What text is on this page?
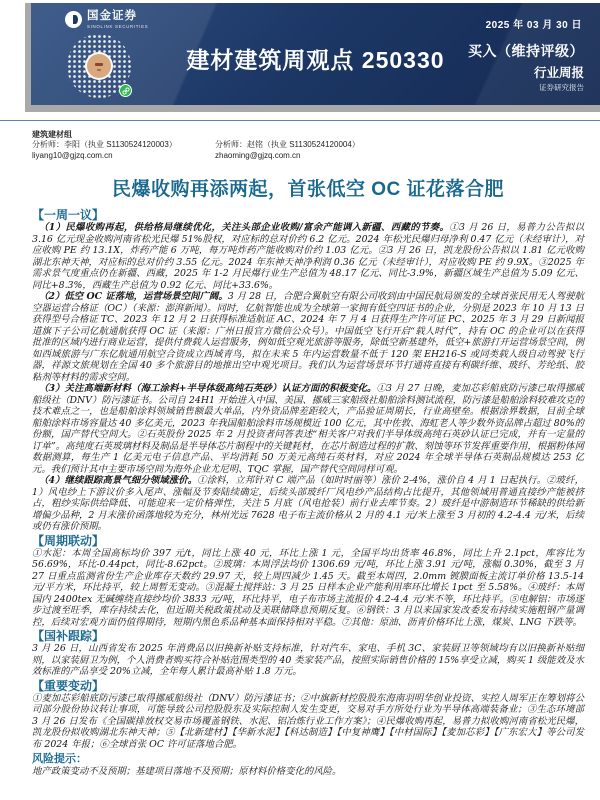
国金证券
SINOLINK SECURITIES	2025 年 03 月 30 日
建材建筑周观点 250330	买入（维持评级）
行业周报
证券研究报告
建筑建材组
分析师：李阳（执业 S1130524120003）
liyang10@gjzq.com.cn
分析师：赵铭（执业 S1130524120004）
zhaoming@gjzq.com.cn
民爆收购再添两起，首张低空 OC 证花落合肥
【一周一议】

（1）民爆收购再起，供给格局继续优化，关注头部企业收购/富余产能调入新疆、西藏的节奏。①3 月 26 日，易普力公告拟以 3.16 亿元现金收购河南省松光民爆 51%股权，对应标的总对价约 6.2 亿元。2024 年松光民爆归母净利 0.47 亿元（未经审计），对应收购 PE 约 13.1X，炸药产能 6 万吨，每万吨炸药产能收购对价约 1.03 亿元。②3 月 26 日，凯龙股份公告拟以 1.81 亿元收购湖北东神天神，对应标的总对价约 3.55 亿元。2024 年东神天神净利润 0.36 亿元（未经审计），对应收购 PE 约 9.9X。③2025 年需求景气度重点仍在新疆、西藏，2025 年 1-2 月民爆行业生产总值为 48.17 亿元、同比-3.9%，新疆区域生产总值为 5.09 亿元、同比+8.3%，西藏生产总值为 0.92 亿元、同比+33.6%。

（2）低空 OC 证落地，运营场景空间广阔。3 月 28 日，合肥合翼航空有限公司收到由中国民航局颁发的全球首张民用无人驾驶航空器运营合格证（OC）（来源：澎湃新闻）。同时，亿航智能也成为全球第一家拥有低空四证书的企业，分别是 2023 年 10 月 13 日获得型号合格证 TC、2023 年 12 月 2 日获得标准适航证 AC、2024 年 7 月 4 日获得生产许可证 PC、2025 年 3 月 29 日新闻报道旗下子公司亿航通航获得 OC 证（来源：广州日报官方微信公众号）。中国低空飞行开启“载人时代”，持有 OC 的企业可以在获得批准的区域内进行商业运营，提供付费载人运营服务，例如低空观光旅游等服务，除低空新基建外，低空+旅游打开运营场景空间，例如西域旅游与广东亿航通用航空合资成立西域青鸟，拟在未来 5 年内运营数量不低于 120 架 EH216-S 或同类载人级自动驾驶飞行器，祥源文旅规划在全国 40 多个旅游目的地推出空中观光项目。我们认为运营场景环节打通将直接有利碳纤维、玻纤、芳纶纸、胶粘剂等材料的需求空间。

（3）关注高端新材料（海工涂料+半导体级高纯石英砂）认证方面的积极变化。①3 月 27 日晚，麦加芯彩船底防污漆已取得挪威船级社（DNV）防污漆证书。公司自 24H1 开始进入中国、美国、挪威三家船级社船舶涂料测试流程，防污漆是船舶涂料较难攻克的技术难点之一，也是船舶涂料领域销售额最大单品，内外资品牌差距较大，产品验证周期长，行业高壁垒。根据涂界数据，目前全球船舶涂料市场容量达 40 多亿美元，2023 年我国船舶涂料市场规模近 100 亿元，其中佐敦、海虹老人等少数外资品牌占超过 80%的份额，国产替代空间大。②石英股份 2025 年 2 月投资者问答表述“相关客户对我们半导体级高纯石英砂认证已完成，并有一定量的订单”。高纯度石英玻璃材料及制品是半导体芯片制程中的关键耗材，在芯片制造过程的扩散、刻蚀等环节发挥重要作用，根据粉体网数据测算，每生产 1 亿美元电子信息产品、平均消耗 50 万美元高纯石英材料，对应 2024 年全球半导体石英制品规模达 253 亿元。我们预计其中主要市场空间为海外企业尤尼明、TQC 掌握，国产替代空间同样可观。

（4）继续跟踪高景气细分领域涨价。①涂料，立邦针对 C 端产品（如时时丽等）涨价 2-4%，涨价自 4 月 1 日起执行。②玻纤，1）风电纱上下游议价多入尾声、涨幅及节奏陆续确定，后续头部玻纤厂风电纱产品结构占比提升，其他领域用普通直接纱产能被挤占，粗纱实际供给降低、可能迎来一定价格弹性，关注 5 月底（风电抢装）前行业去库节奏。2）玻纤是中游制造环节稀缺的供给新增偏少品种，2 月末涨价函落地较为充分，林州光远 7628 电子布主流价格从 2 月的 4.1 元/米上涨至 3 月初的 4.2-4.4 元/米，后续或仍有涨价预期。

【周期联动】

①水泥：本周全国高标均价 397 元/t，同比上涨 40 元，环比上涨 1 元，全国平均出货率 46.8%，同比上升 2.1pct，库容比为 56.69%，环比-0.44pct，同比-8.62pct。②玻璃：本周浮法均价 1306.69 元/吨，环比上涨 3.91 元/吨，涨幅 0.30%，截至 3 月 27 日重点监测省份生产企业库存天数约 29.97 天，较上周四减少 1.45 天。截至本周四，2.0mm 镀膜面板主流订单价格 13.5-14 元/平方米，环比持平，较上周暂无变动。③混凝土搅拌站：3 月 25 日样本企业产能利用率环比增长 1pct 至 5.58%。④玻纤：本周国内 2400tex 无碱缠绕直接纱均价 3833 元/吨，环比持平，电子布市场主流报价 4.2-4.4 元/米不等，环比持平。⑤电解铝：市场逐步过渡至旺季，库存持续去化，但近期关税政策扰动及美联储降息预期反复。⑥钢铁：3 月以来国家发改委发布持续实施粗钢产量调控，后续对宏观方面仍值得期待，短期内黑色系品种基本面保持相对平稳。⑦其他：原油、沥青价格环比上涨，煤炭、LNG 下跌等。

【国补跟踪】

3 月 26 日，山西省发布 2025 年消费品以旧换新补贴支持标准，针对汽车、家电、手机 3C、家装厨卫等领域均有以旧换新补贴细则，以家装厨卫为例，个人消费者购买符合补贴范围类型的 40 类家装产品，按照实际销售价格的 15%享受立减，购买 1 级能效及水效标准的产品享受 20%立减，全年每人累计最高补贴 1.8 万元。

【重要变动】

①麦加芯彩船底防污漆已取得挪威船级社（DNV）防污漆证书；②中旗新材控股股东海南羽明华创业投资、实控人周军正在筹划将公司部分股份协议转让事项，可能导致公司控股股东及实际控制人发生变更，交易对手方所处行业为半导体高端装备业；③生态环境部 3 月 26 日发布《全国碳排放权交易市场覆盖钢铁、水泥、铝冶炼行业工作方案》；④民爆收购再起，易普力拟收购河南省松光民爆，凯龙股份拟收购湖北东神天神；⑤【北新建材】【华新水泥】【科达制造】【中复神鹰】【中材国际】【麦加芯彩】【广东宏大】等公司发布 2024 年报；⑥全球首张 OC 许可证落地合肥。

风险提示：

地产政策变动不及预期；基建项目落地不及预期；原材料价格变化的风险。
